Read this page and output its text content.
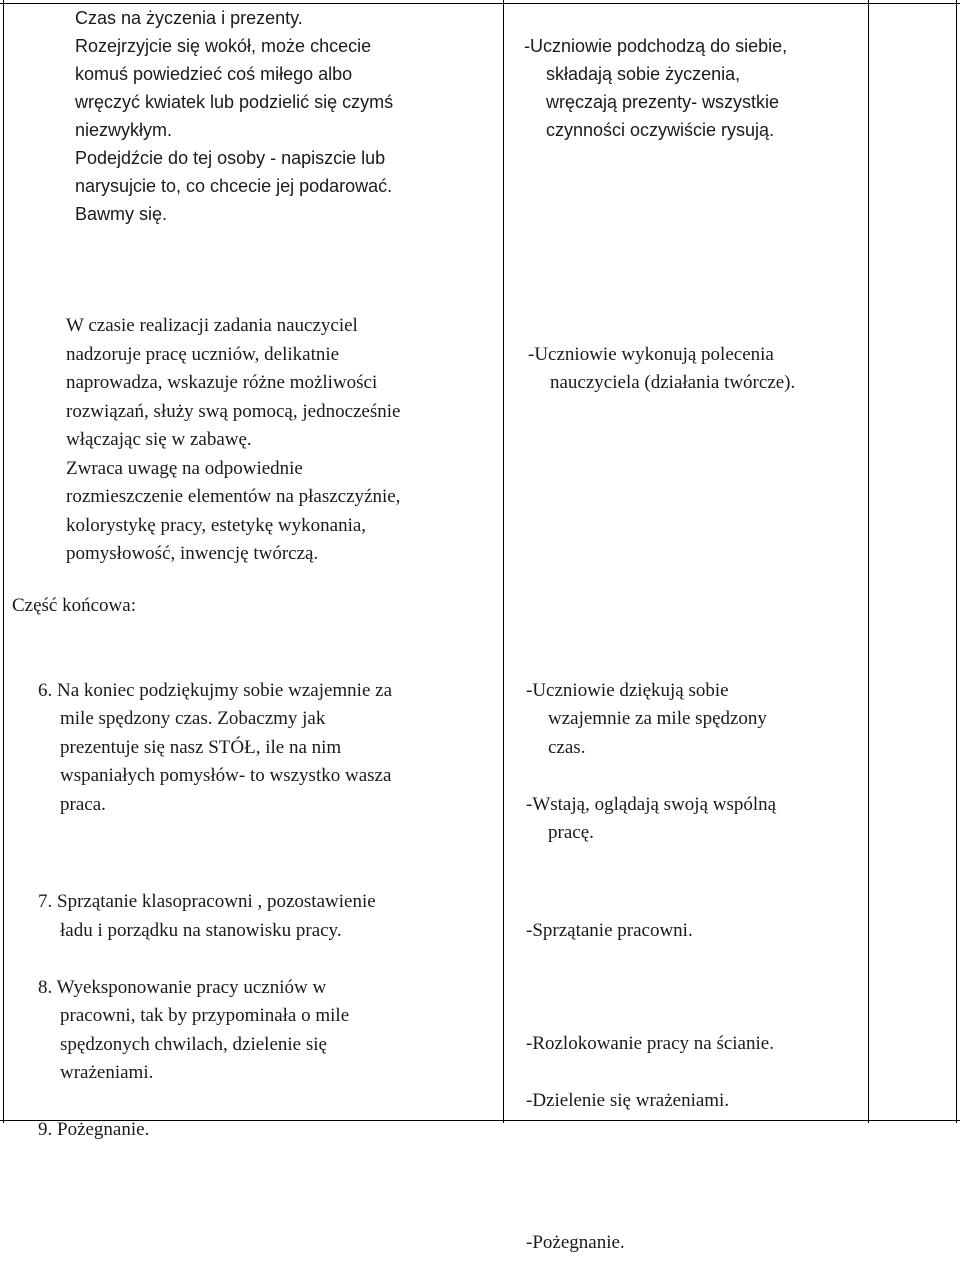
Czas na życzenia i prezenty.
Rozejrzyjcie się wokół, może chcecie
komuś powiedzieć coś miłego albo
wręczyć kwiatek lub podzielić się czymś
niezwykłym.
Podejdźcie do tej osoby - napiszcie lub
narysujcie to, co chcecie jej podarować.
Bawmy się.

W czasie realizacji zadania nauczyciel
nadzoruje pracę uczniów, delikatnie
naprowadza, wskazuje różne możliwości
rozwiązań, służy swą pomocą, jednocześnie
włączając się w zabawę.
Zwraca uwagę na odpowiednie
rozmieszczenie elementów na płaszczyźnie,
kolorystykę pracy, estetykę wykonania,
pomysłowość, inwencję twórczą.

Część końcowa:

6. Na koniec podziękujmy sobie wzajemnie za
mile spędzony czas. Zobaczmy jak
prezentuje się nasz STÓŁ, ile na nim
wspaniałych pomysłów- to wszystko wasza
praca.

7. Sprzątanie klasopracowni , pozostawienie
ładu i porządku na stanowisku pracy.

8. Wyeksponowanie pracy uczniów w
pracowni, tak by przypominała o mile
spędzonych chwilach, dzielenie się
wrażeniami.

9. Pożegnanie.

-Uczniowie podchodzą do siebie,
składają sobie życzenia,
wręczają prezenty- wszystkie
czynności oczywiście rysują.

-Uczniowie wykonują polecenia
nauczyciela (działania twórcze).

-Uczniowie dziękują sobie
wzajemnie za mile spędzony
czas.

-Wstają, oglądają swoją wspólną
pracę.

-Sprzątanie pracowni.

-Rozlokowanie pracy na ścianie.

-Dzielenie się wrażeniami.

-Pożegnanie.
